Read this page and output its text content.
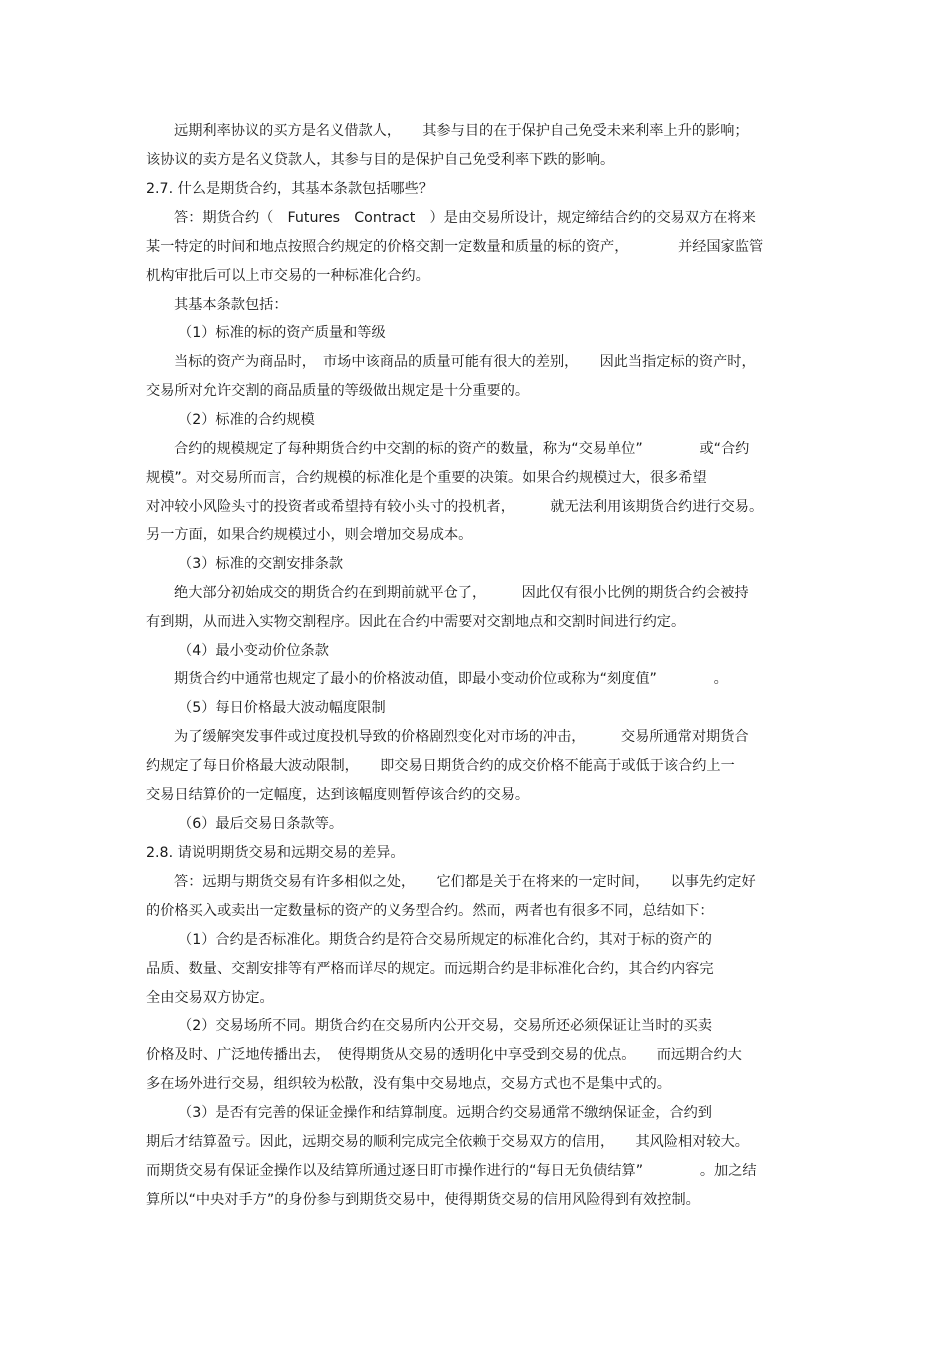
远期利率协议的买方是名义借款人，　　其参与目的在于保护自己免受未来利率上升的影响；
该协议的卖方是名义贷款人，其参与目的是保护自己免受利率下跌的影响。
2.7. 什么是期货合约，其基本条款包括哪些？
答：期货合约（　Futures　Contract　）是由交易所设计，规定缔结合约的交易双方在将来
某一特定的时间和地点按照合约规定的价格交割一定数量和质量的标的资产，　　　　并经国家监管
机构审批后可以上市交易的一种标准化合约。
其基本条款包括：
（1）标准的标的资产质量和等级
当标的资产为商品时，　市场中该商品的质量可能有很大的差别，　　因此当指定标的资产时，
交易所对允许交割的商品质量的等级做出规定是十分重要的。
（2）标准的合约规模
合约的规模规定了每种期货合约中交割的标的资产的数量，称为“交易单位”　　　　或“合约
规模”。对交易所而言，合约规模的标准化是个重要的决策。如果合约规模过大，很多希望
对冲较小风险头寸的投资者或希望持有较小头寸的投机者，　　　就无法利用该期货合约进行交易。
另一方面，如果合约规模过小，则会增加交易成本。
（3）标准的交割安排条款
绝大部分初始成交的期货合约在到期前就平仓了，　　　因此仅有很小比例的期货合约会被持
有到期，从而进入实物交割程序。因此在合约中需要对交割地点和交割时间进行约定。
（4）最小变动价位条款
期货合约中通常也规定了最小的价格波动值，即最小变动价位或称为“刻度值”　　　　。
（5）每日价格最大波动幅度限制
为了缓解突发事件或过度投机导致的价格剧烈变化对市场的冲击，　　　交易所通常对期货合
约规定了每日价格最大波动限制，　　即交易日期货合约的成交价格不能高于或低于该合约上一
交易日结算价的一定幅度，达到该幅度则暂停该合约的交易。
（6）最后交易日条款等。
2.8. 请说明期货交易和远期交易的差异。
答：远期与期货交易有许多相似之处，　　它们都是关于在将来的一定时间，　　以事先约定好
的价格买入或卖出一定数量标的资产的义务型合约。然而，两者也有很多不同，总结如下：
（1）合约是否标准化。期货合约是符合交易所规定的标准化合约，其对于标的资产的
品质、数量、交割安排等有严格而详尽的规定。而远期合约是非标准化合约，其合约内容完
全由交易双方协定。
（2）交易场所不同。期货合约在交易所内公开交易，交易所还必须保证让当时的买卖
价格及时、广泛地传播出去，　使得期货从交易的透明化中享受到交易的优点。　　而远期合约大
多在场外进行交易，组织较为松散，没有集中交易地点，交易方式也不是集中式的。
（3）是否有完善的保证金操作和结算制度。远期合约交易通常不缴纳保证金，合约到
期后才结算盈亏。因此，远期交易的顺利完成完全依赖于交易双方的信用，　　其风险相对较大。
而期货交易有保证金操作以及结算所通过逐日盯市操作进行的“每日无负债结算”　　　　。加之结
算所以“中央对手方”的身份参与到期货交易中，使得期货交易的信用风险得到有效控制。
